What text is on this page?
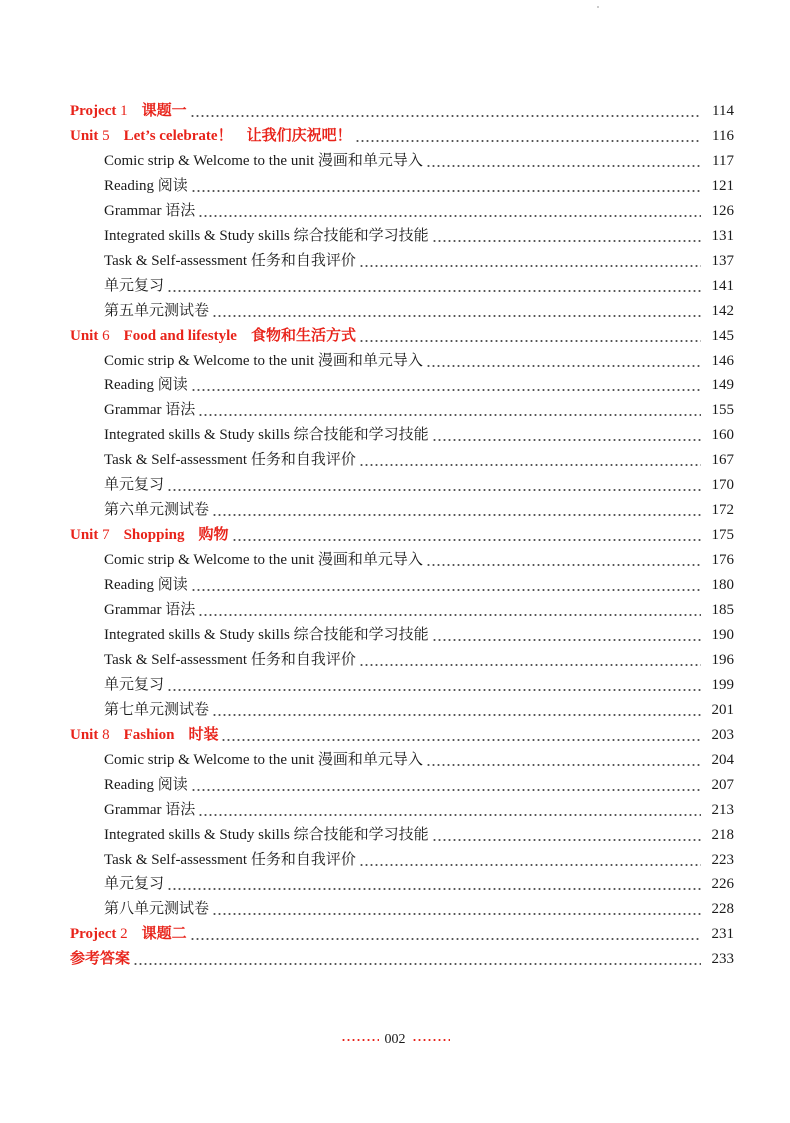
Project 1 课题一	114
Unit 5 Let’s celebrate！ 让我们庆祝吧！	116
Comic strip & Welcome to the unit 漫画和单元导入	117
Reading 阅读	121
Grammar 语法	126
Integrated skills & Study skills 综合技能和学习技能	131
Task & Self-assessment 任务和自我评价	137
单元复习	141
第五单元测试卷	142
Unit 6 Food and lifestyle 食物和生活方式	145
Comic strip & Welcome to the unit 漫画和单元导入	146
Reading 阅读	149
Grammar 语法	155
Integrated skills & Study skills 综合技能和学习技能	160
Task & Self-assessment 任务和自我评价	167
单元复习	170
第六单元测试卷	172
Unit 7 Shopping 购物	175
Comic strip & Welcome to the unit 漫画和单元导入	176
Reading 阅读	180
Grammar 语法	185
Integrated skills & Study skills 综合技能和学习技能	190
Task & Self-assessment 任务和自我评价	196
单元复习	199
第七单元测试卷	201
Unit 8 Fashion 时装	203
Comic strip & Welcome to the unit 漫画和单元导入	204
Reading 阅读	207
Grammar 语法	213
Integrated skills & Study skills 综合技能和学习技能	218
Task & Self-assessment 任务和自我评价	223
单元复习	226
第八单元测试卷	228
Project 2 课题二	231
参考答案	233
002
